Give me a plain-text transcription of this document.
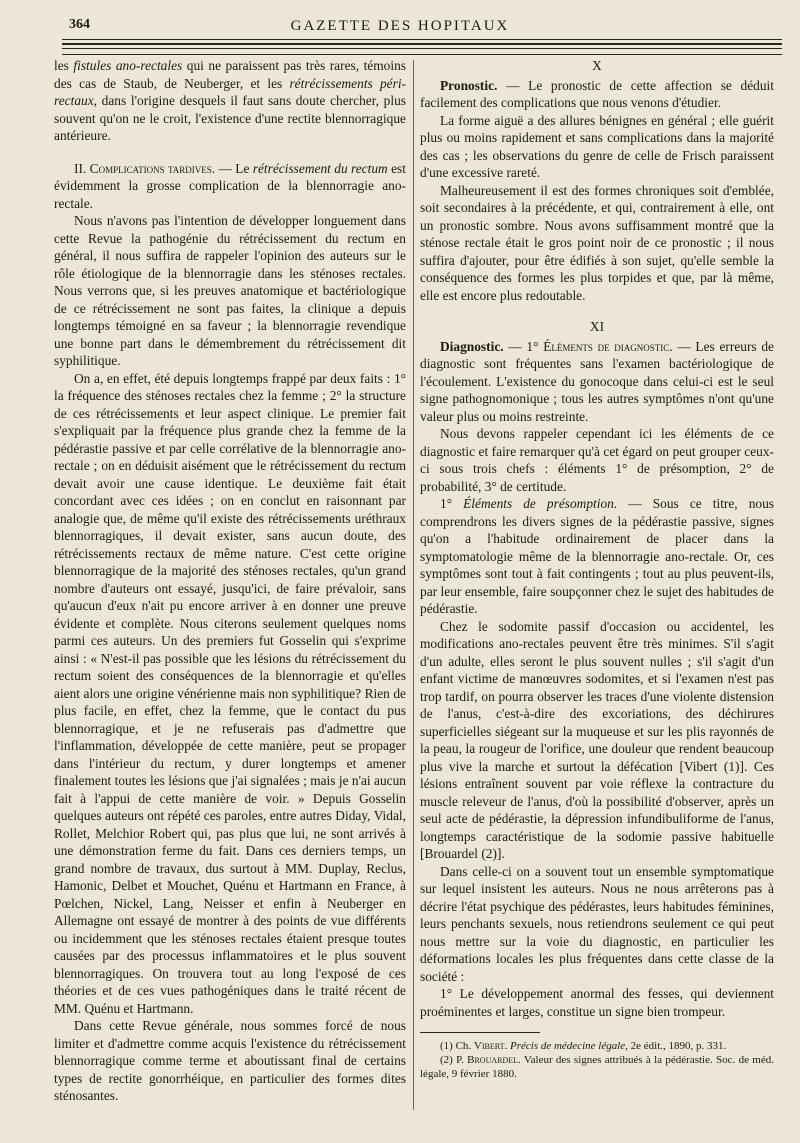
364	GAZETTE DES HOPITAUX

les fistules ano-rectales qui ne paraissent pas très rares, témoins des cas de Staub, de Neuberger, et les rétrécissements péri-rectaux, dans l'origine desquels il faut sans doute chercher, plus souvent qu'on ne le croit, l'existence d'une rectite blennorragique antérieure.

II. Complications tardives. — Le rétrécissement du rectum est évidemment la grosse complication de la blennorragie ano-rectale.

Nous n'avons pas l'intention de développer longuement dans cette Revue la pathogénie du rétrécissement du rectum en général, il nous suffira de rappeler l'opinion des auteurs sur le rôle étiologique de la blennorragie dans les sténoses rectales. Nous verrons que, si les preuves anatomique et bactériologique de ce rétrécissement ne sont pas faites, la clinique a depuis longtemps témoigné en sa faveur ; la blennorragie revendique une bonne part dans le démembrement du rétrécissement dit syphilitique.

On a, en effet, été depuis longtemps frappé par deux faits : 1° la fréquence des sténoses rectales chez la femme ; 2° la structure de ces rétrécissements et leur aspect clinique. Le premier fait s'expliquait par la fréquence plus grande chez la femme de la pédérastie passive et par celle corrélative de la blennorragie ano-rectale ; on en déduisit aisément que le rétrécissement du rectum devait avoir une cause identique. Le deuxième fait était concordant avec ces idées ; on en conclut en raisonnant par analogie que, de même qu'il existe des rétrécissements uréthraux blennorragiques, il devait exister, sans aucun doute, des rétrécissements rectaux de même nature. C'est cette origine blennorragique de la majorité des sténoses rectales, qu'un grand nombre d'auteurs ont essayé, jusqu'ici, de faire prévaloir, sans qu'aucun d'eux n'ait pu encore arriver à en donner une preuve évidente et complète. Nous citerons seulement quelques noms parmi ces auteurs. Un des premiers fut Gosselin qui s'exprime ainsi : « N'est-il pas possible que les lésions du rétrécissement du rectum soient des conséquences de la blennorragie et qu'elles aient alors une origine vénérienne mais non syphilitique? Rien de plus facile, en effet, chez la femme, que le contact du pus blennorragique, et je ne refuserais pas d'admettre que l'inflammation, développée de cette manière, peut se propager dans l'intérieur du rectum, y durer longtemps et amener finalement toutes les lésions que j'ai signalées ; mais je n'ai aucun fait à l'appui de cette manière de voir. » Depuis Gosselin quelques auteurs ont répété ces paroles, entre autres Diday, Vidal, Rollet, Melchior Robert qui, pas plus que lui, ne sont arrivés à une démonstration ferme du fait. Dans ces derniers temps, un grand nombre de travaux, dus surtout à MM. Duplay, Reclus, Hamonic, Delbet et Mouchet, Quénu et Hartmann en France, à Pœlchen, Nickel, Lang, Neisser et enfin à Neuberger en Allemagne ont essayé de montrer à des points de vue différents ou incidemment que les sténoses rectales étaient presque toutes causées par des processus inflammatoires et le plus souvent blennorragiques. On trouvera tout au long l'exposé de ces théories et de ces vues pathogéniques dans le traité récent de MM. Quénu et Hartmann.

Dans cette Revue générale, nous sommes forcé de nous limiter et d'admettre comme acquis l'existence du rétrécissement blennorragique comme terme et aboutissant final de certains types de rectite gonorrhéique, en particulier des formes dites sténosantes.

X

Pronostic. — Le pronostic de cette affection se déduit facilement des complications que nous venons d'étudier.

La forme aiguë a des allures bénignes en général ; elle guérit plus ou moins rapidement et sans complications dans la majorité des cas ; les observations du genre de celle de Frisch paraissent d'une excessive rareté.

Malheureusement il est des formes chroniques soit d'emblée, soit secondaires à la précédente, et qui, contrairement à elle, ont un pronostic sombre. Nous avons suffisamment montré que la sténose rectale était le gros point noir de ce pronostic ; il nous suffira d'ajouter, pour être édifiés à son sujet, qu'elle semble la conséquence des formes les plus torpides et que, par là même, elle est encore plus redoutable.

XI

Diagnostic. — 1° Éléments de diagnostic. — Les erreurs de diagnostic sont fréquentes sans l'examen bactériologique de l'écoulement. L'existence du gonocoque dans celui-ci est le seul signe pathognomonique ; tous les autres symptômes n'ont qu'une valeur plus ou moins restreinte.

Nous devons rappeler cependant ici les éléments de ce diagnostic et faire remarquer qu'à cet égard on peut grouper ceux-ci sous trois chefs : éléments 1° de présomption, 2° de probabilité, 3° de certitude.

1° Éléments de présomption. — Sous ce titre, nous comprendrons les divers signes de la pédérastie passive, signes qu'on a l'habitude ordinairement de placer dans la symptomatologie même de la blennorragie ano-rectale. Or, ces symptômes sont tout à fait contingents ; tout au plus peuvent-ils, par leur ensemble, faire soupçonner chez le sujet des habitudes de pédérastie.

Chez le sodomite passif d'occasion ou accidentel, les modifications ano-rectales peuvent être très minimes. S'il s'agit d'un adulte, elles seront le plus souvent nulles ; s'il s'agit d'un enfant victime de manœuvres sodomites, et si l'examen n'est pas trop tardif, on pourra observer les traces d'une violente distension de l'anus, c'est-à-dire des excoriations, des déchirures superficielles siégeant sur la muqueuse et sur les plis rayonnés de la peau, la rougeur de l'orifice, une douleur que rendent beaucoup plus vive la marche et surtout la défécation [Vibert (1)]. Ces lésions entraînent souvent par voie réflexe la contracture du muscle releveur de l'anus, d'où la possibilité d'observer, après un seul acte de pédérastie, la dépression infundibuliforme de l'anus, longtemps caractéristique de la sodomie passive habituelle [Brouardel (2)].

Dans celle-ci on a souvent tout un ensemble symptomatique sur lequel insistent les auteurs. Nous ne nous arrêterons pas à décrire l'état psychique des pédérastes, leurs habitudes féminines, leurs penchants sexuels, nous retiendrons seulement ce qui peut nous mettre sur la voie du diagnostic, en particulier les déformations locales les plus fréquentes dans cette classe de la société :

1° Le développement anormal des fesses, qui deviennent proéminentes et larges, constitue un signe bien trompeur.

(1) Ch. Vibert. Précis de médecine légale, 2e édit., 1890, p. 331.

(2) P. Brouardel. Valeur des signes attribués à la pédérastie. Soc. de méd. légale, 9 février 1880.
